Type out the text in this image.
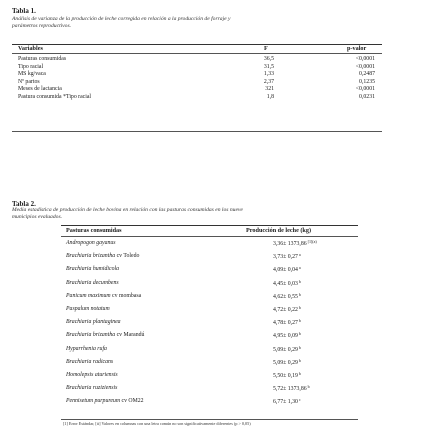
Tabla 1.
Análisis de varianza de la producción de leche corregida en relación a la producción de forraje y
parámetros reproductivos.
Variables	F	p-valor
Pasturas consumidas	36,5	<0,0001
Tipo racial	31,5	<0,0001
MS kg/vaca	1,33	0,2487
Nº partos	2,37	0,1235
Meses de lactancia	321	<0,0001
Pastura consumida *Tipo racial	1,8	0,0231
Tabla 2.
Media estadística de producción de leche bovina en relación con las pasturas consumidas en los nueve
municipios evaluados.
Pasturas consumidas	Producción de leche (kg)
Andropogon gayanus	$3,36\pm 1373,86^{[1](a)}$
Brachiaria brizantha cv Toledo	3,73± 0,27$^a$
Brachiaria humidicola	4,09± 0,04$^a$
Brachiaria decumbens	4,45± 0,03$^b$
Panicum maximum cv mombasa	4,62± 0,55$^b$
Paspalum notatum	4,72± 0,22$^b$
Brachiaria plantaginea	4,78± 0,27$^b$
Brachiaria brizantha cv Marandú	4,95± 0,09$^b$
Hyparrhenia rufa	5,09± 0,29$^b$
Brachiaria radicans	5,09± 0,29$^b$
Homolepsis aturiensis	5,50± 0,19$^b$
Brachiaria ruziziensis	5,72± 1373,86$^b$
Pennisetum purpureum cv OM22	6,77± 1,30$^c$
[1] Error Estándar, [ii] Valores en columnas con una letra común no son significativamente diferentes (p > 0,05)
